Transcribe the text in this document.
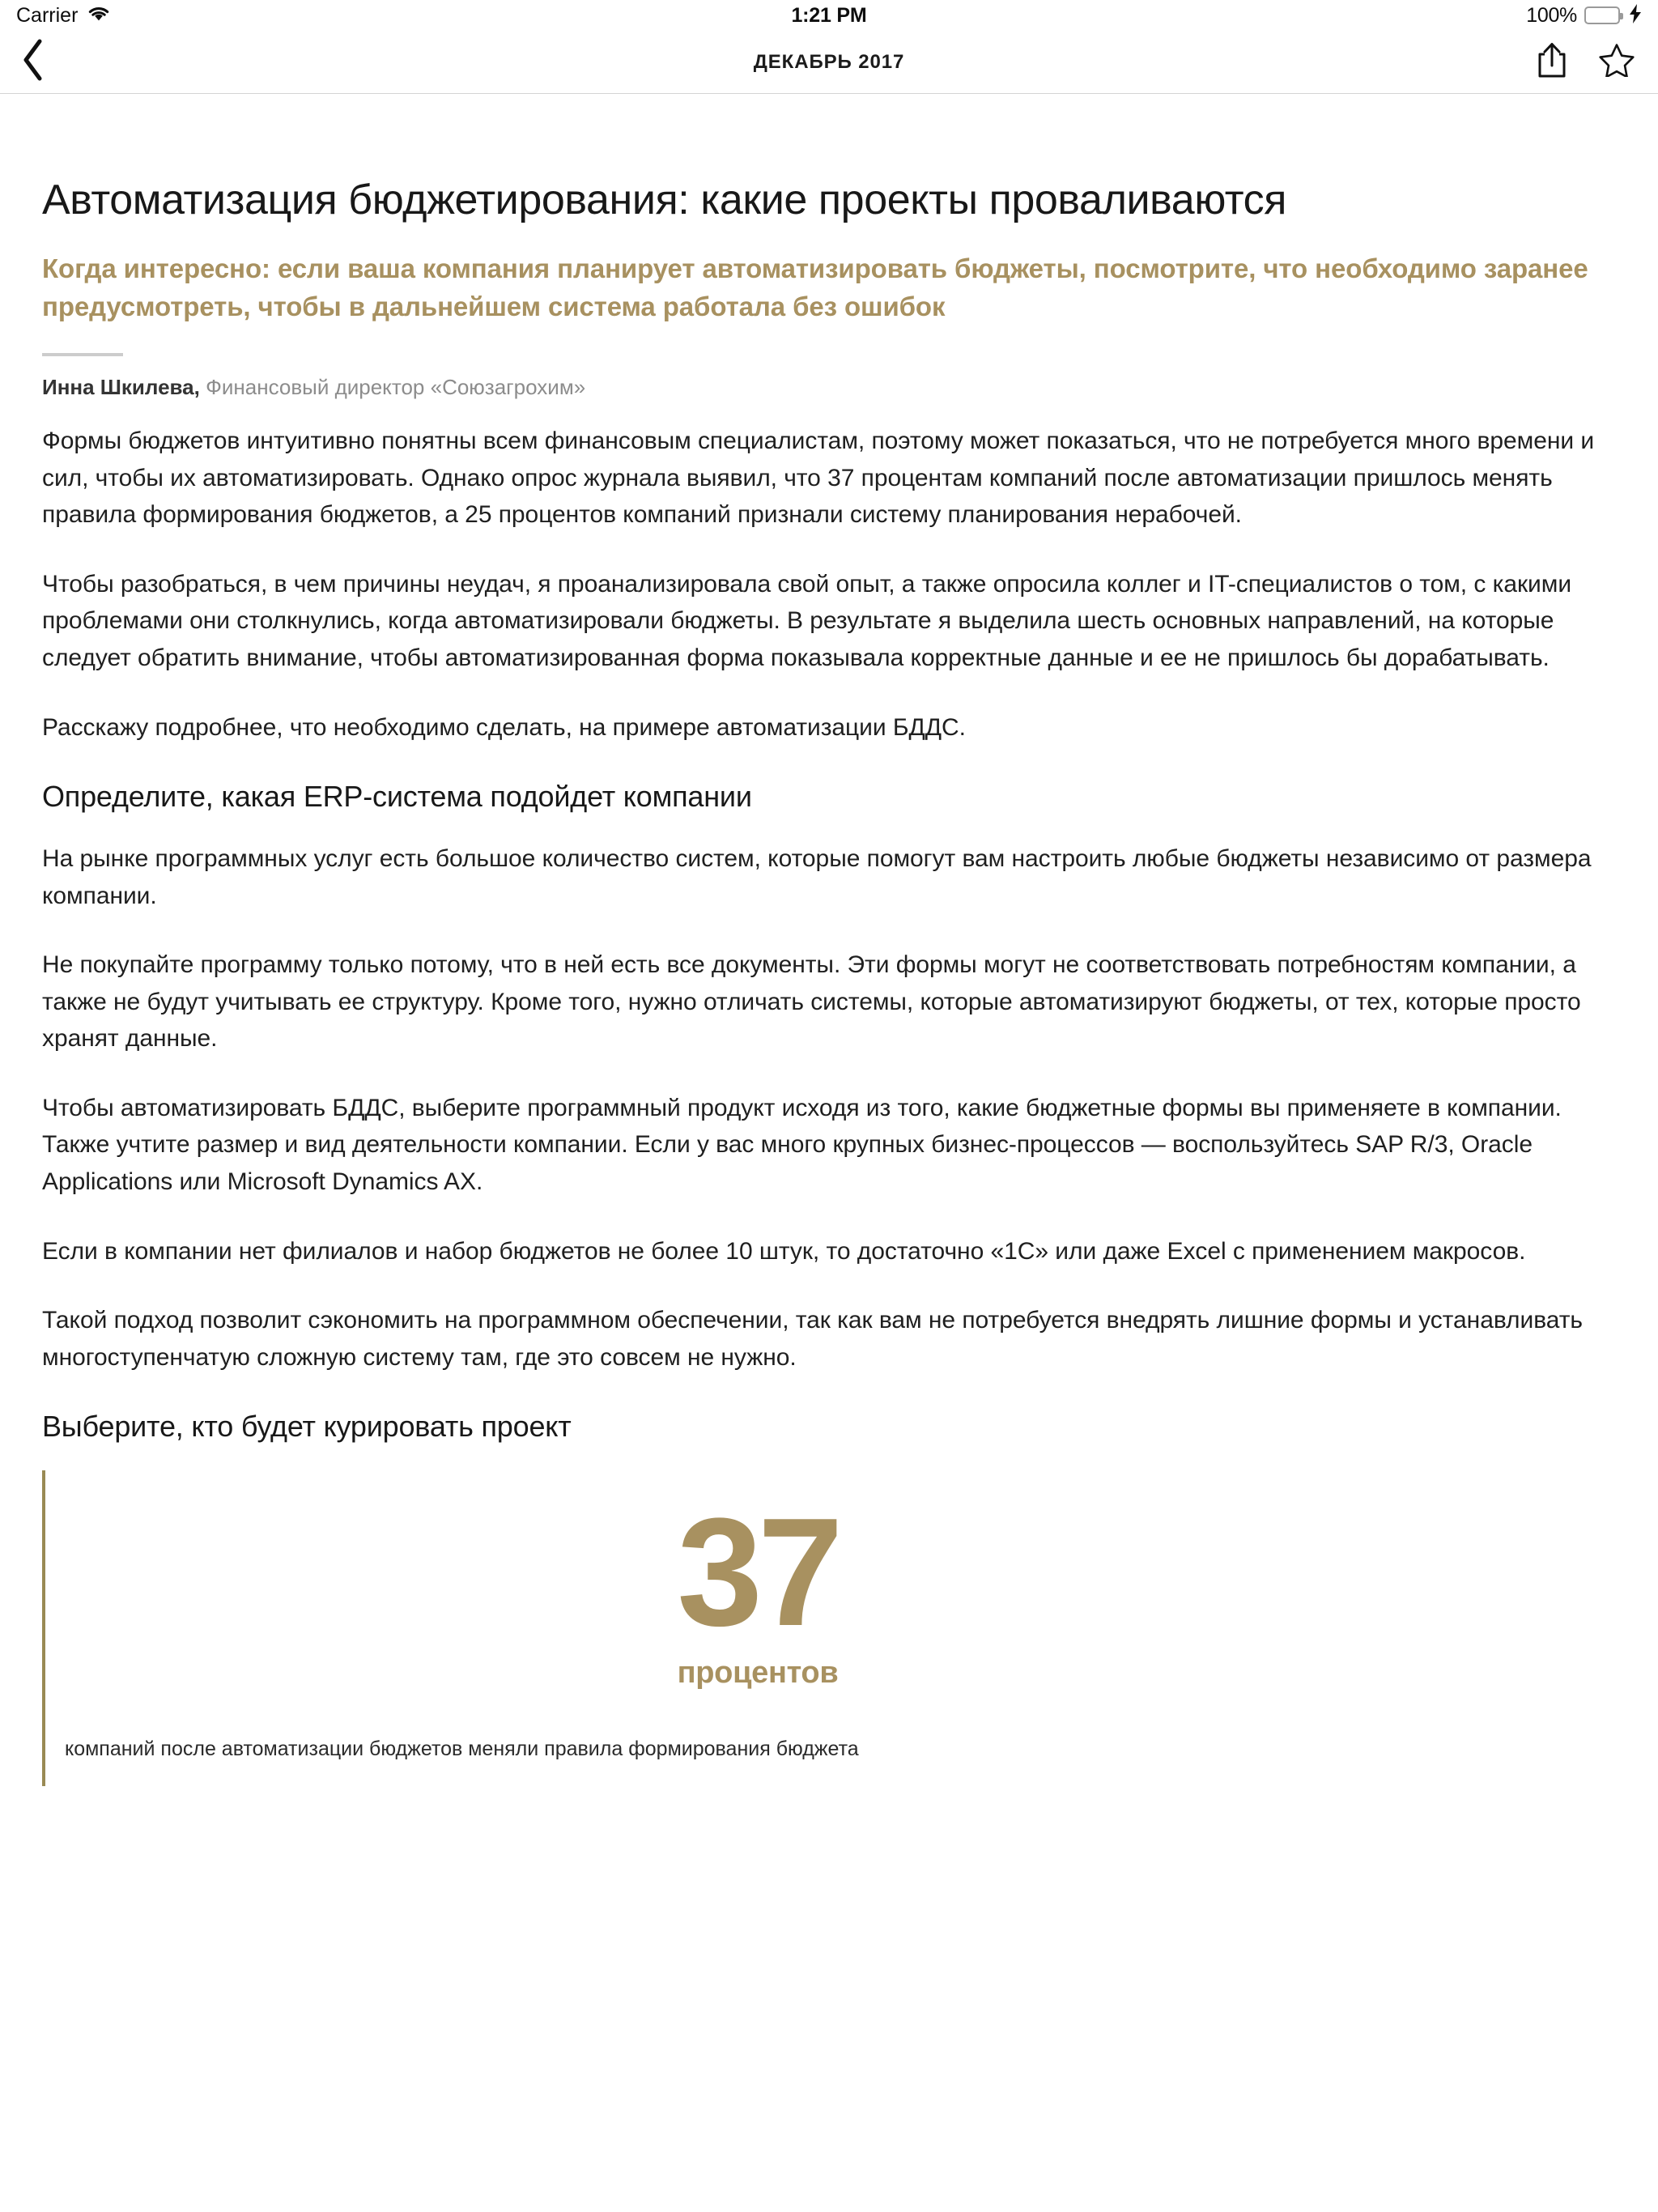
Carrier	1:21 PM	100%
ДЕКАБРЬ 2017
Автоматизация бюджетирования: какие проекты проваливаются
Когда интересно: если ваша компания планирует автоматизировать бюджеты, посмотрите, что необходимо заранее предусмотреть, чтобы в дальнейшем система работала без ошибок
Инна Шкилева, Финансовый директор «Союзагрохим»

Формы бюджетов интуитивно понятны всем финансовым специалистам, поэтому может показаться, что не потребуется много времени и сил, чтобы их автоматизировать. Однако опрос журнала выявил, что 37 процентам компаний после автоматизации пришлось менять правила формирования бюджетов, а 25 процентов компаний признали систему планирования нерабочей.

Чтобы разобраться, в чем причины неудач, я проанализировала свой опыт, а также опросила коллег и IT-специалистов о том, с какими проблемами они столкнулись, когда автоматизировали бюджеты. В результате я выделила шесть основных направлений, на которые следует обратить внимание, чтобы автоматизированная форма показывала корректные данные и ее не пришлось бы дорабатывать.

Расскажу подробнее, что необходимо сделать, на примере автоматизации БДДС.

Определите, какая ERP-система подойдет компании

На рынке программных услуг есть большое количество систем, которые помогут вам настроить любые бюджеты независимо от размера компании.

Не покупайте программу только потому, что в ней есть все документы. Эти формы могут не соответствовать потребностям компании, а также не будут учитывать ее структуру. Кроме того, нужно отличать системы, которые автоматизируют бюджеты, от тех, которые просто хранят данные.

Чтобы автоматизировать БДДС, выберите программный продукт исходя из того, какие бюджетные формы вы применяете в компании. Также учтите размер и вид деятельности компании. Если у вас много крупных бизнес-процессов — воспользуйтесь SAP R/3, Oracle Applications или Microsoft Dynamics AX.

Если в компании нет филиалов и набор бюджетов не более 10 штук, то достаточно «1С» или даже Excel с применением макросов.

Такой подход позволит сэкономить на программном обеспечении, так как вам не потребуется внедрять лишние формы и устанавливать многоступенчатую сложную систему там, где это совсем не нужно.

Выберите, кто будет курировать проект
37
процентов
компаний после автоматизации бюджетов меняли правила формирования бюджета
